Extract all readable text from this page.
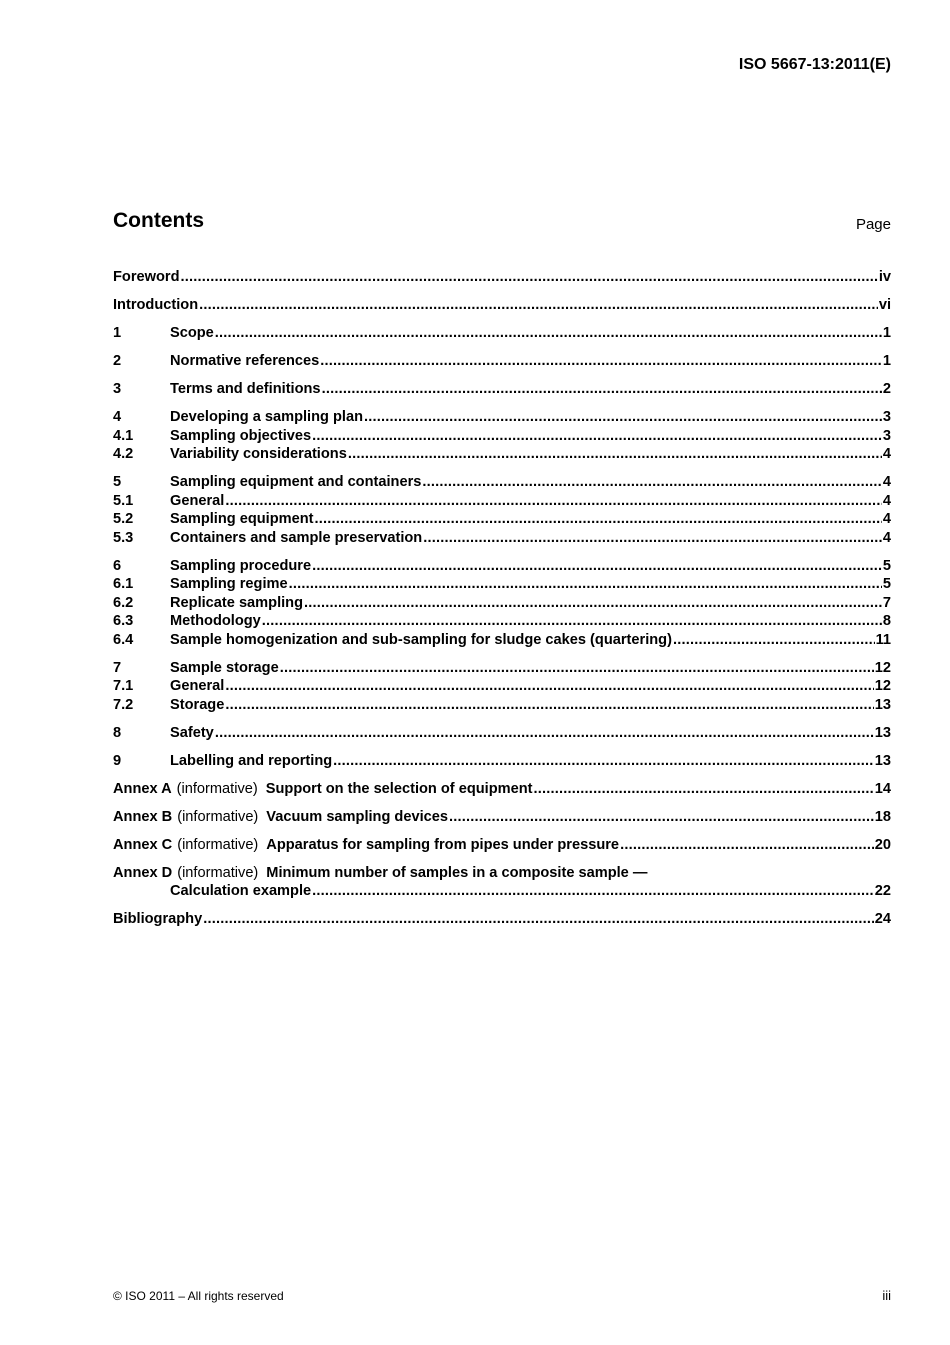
ISO 5667-13:2011(E)
Contents	Page
Foreword .....	iv
Introduction .....	vi
1	Scope .....	1
2	Normative references .....	1
3	Terms and definitions .....	2
4	Developing a sampling plan .....	3
4.1	Sampling objectives .....	3
4.2	Variability considerations .....	4
5	Sampling equipment and containers .....	4
5.1	General .....	4
5.2	Sampling equipment .....	4
5.3	Containers and sample preservation .....	4
6	Sampling procedure .....	5
6.1	Sampling regime .....	5
6.2	Replicate sampling .....	7
6.3	Methodology .....	8
6.4	Sample homogenization and sub-sampling for sludge cakes (quartering) .....	11
7	Sample storage .....	12
7.1	General .....	12
7.2	Storage .....	13
8	Safety .....	13
9	Labelling and reporting .....	13
Annex A (informative) Support on the selection of equipment .....	14
Annex B (informative) Vacuum sampling devices .....	18
Annex C (informative) Apparatus for sampling from pipes under pressure .....	20
Annex D (informative) Minimum number of samples in a composite sample —
Calculation example .....	22
Bibliography .....	24
© ISO 2011 – All rights reserved	iii
